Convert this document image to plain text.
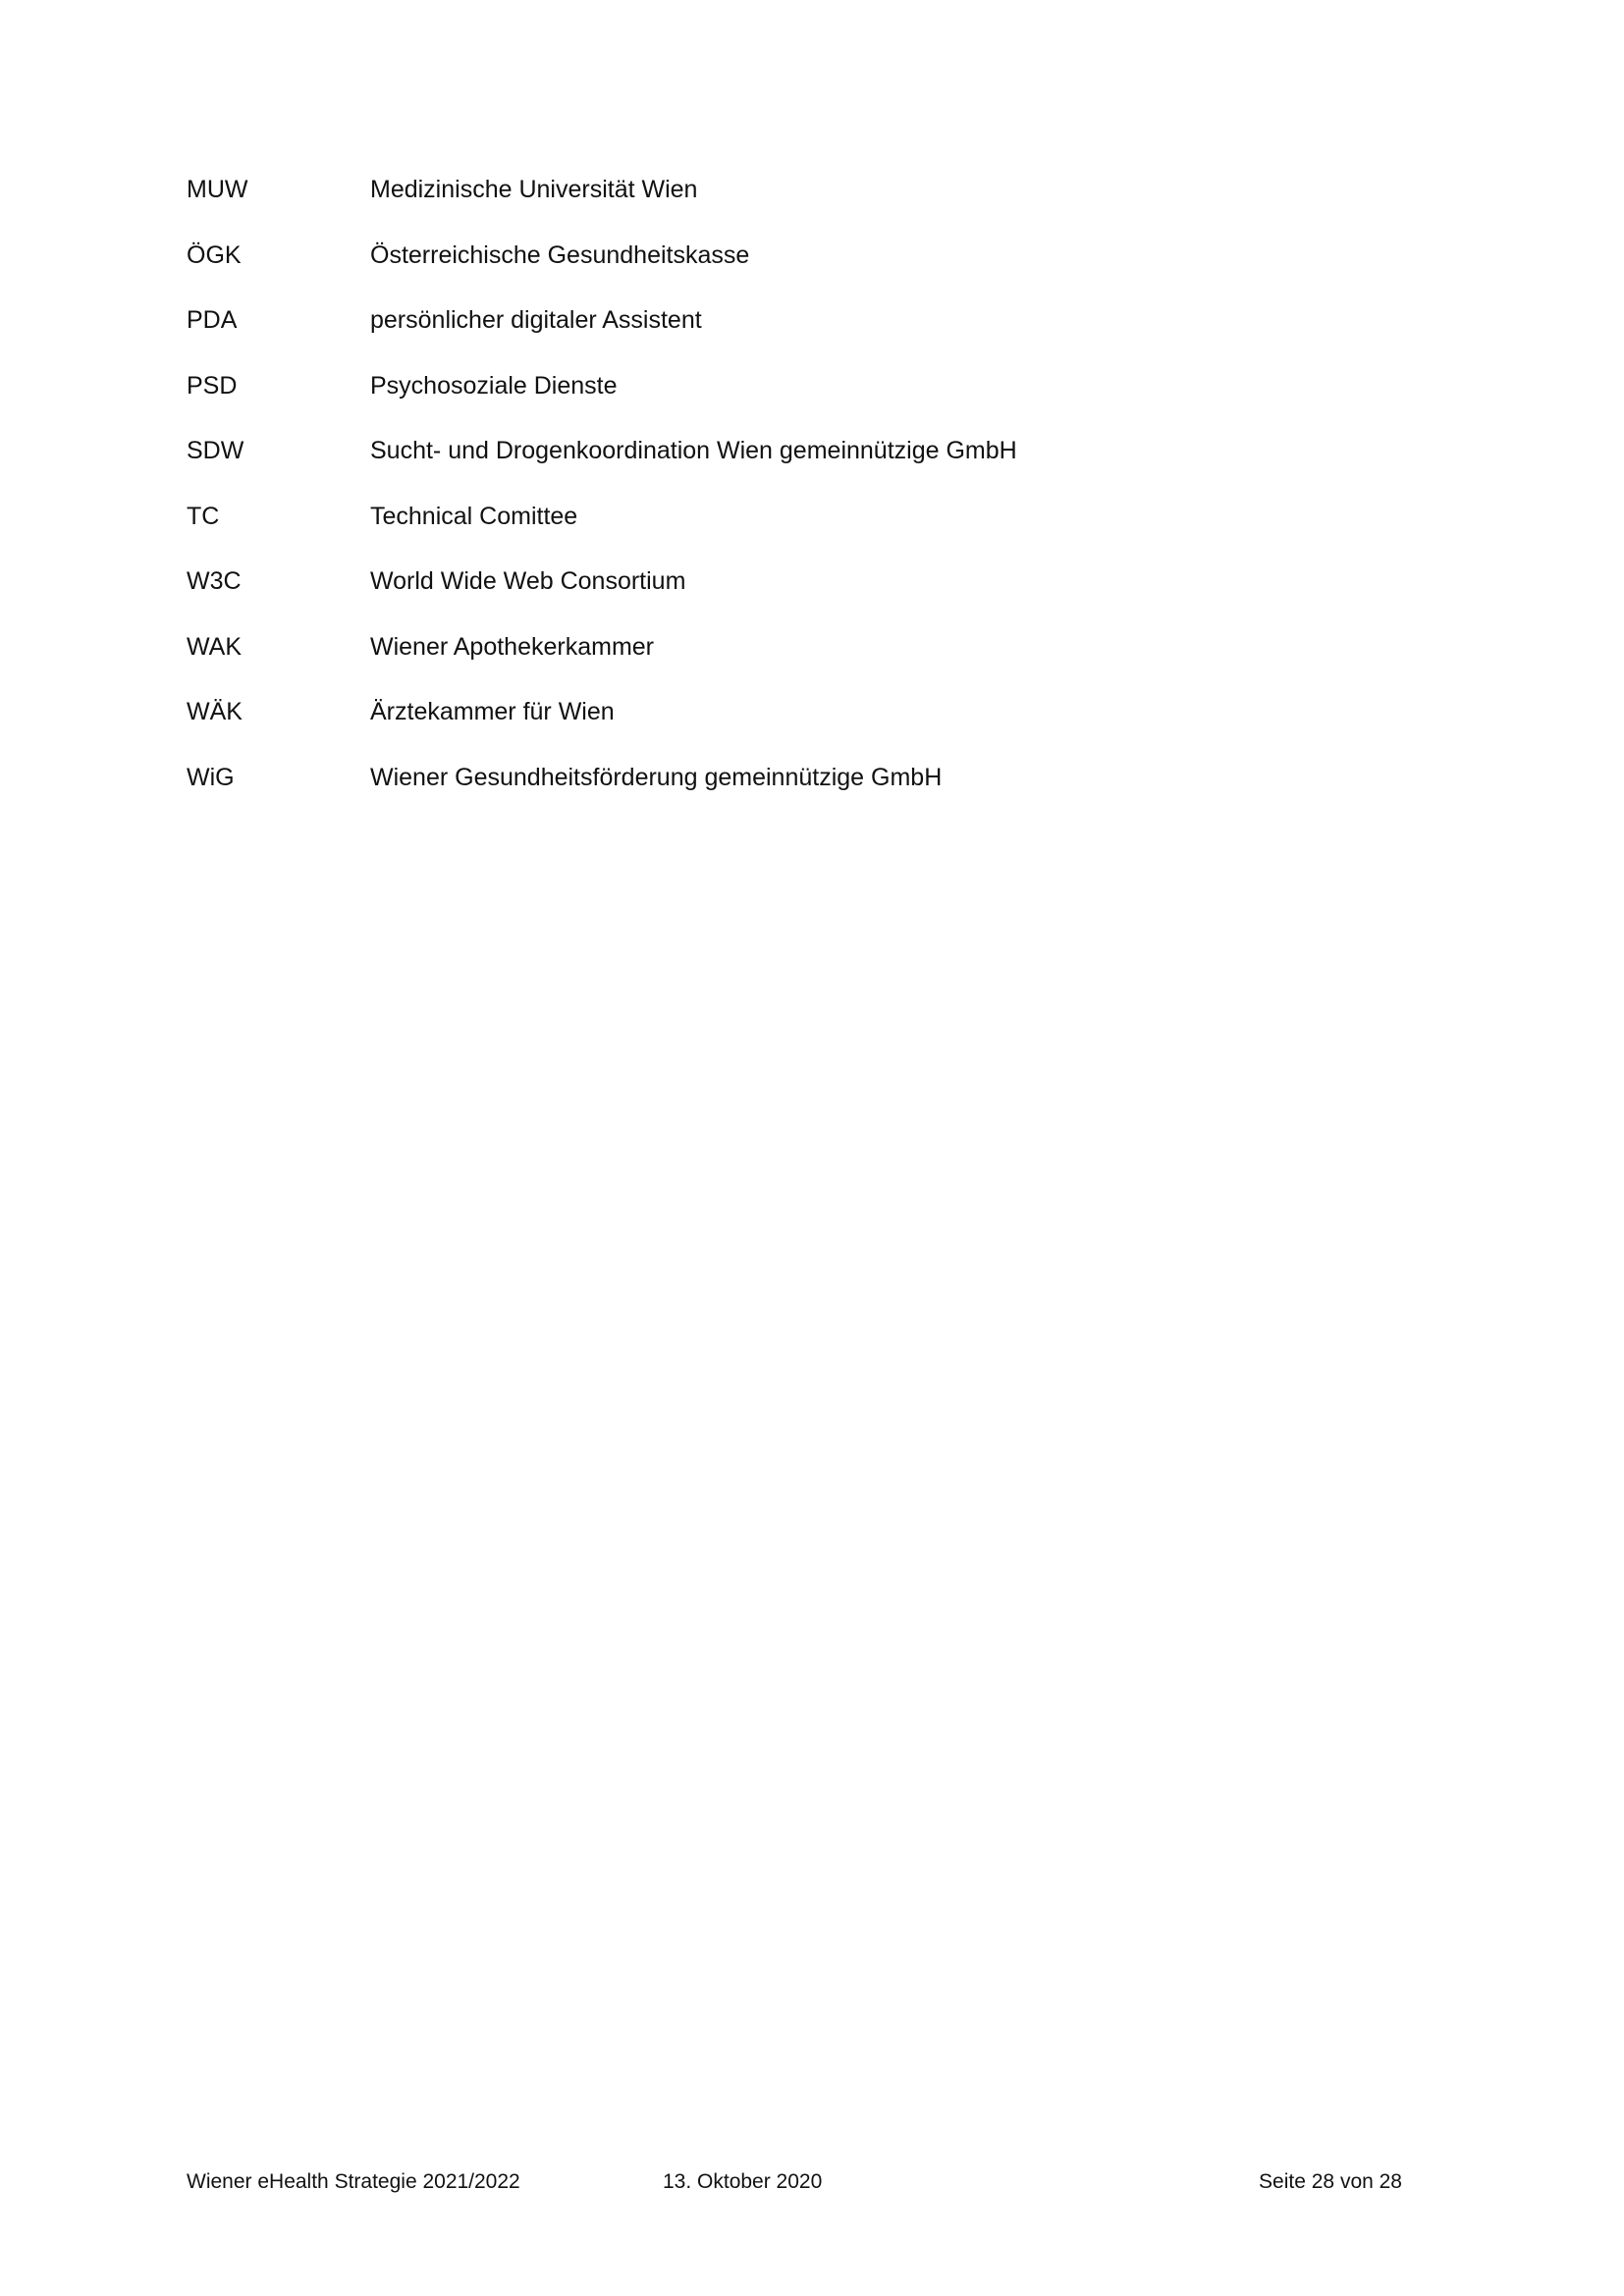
MUW	Medizinische Universität Wien
ÖGK	Österreichische Gesundheitskasse
PDA	persönlicher digitaler Assistent
PSD	Psychosoziale Dienste
SDW	Sucht- und Drogenkoordination Wien gemeinnützige GmbH
TC	Technical Comittee
W3C	World Wide Web Consortium
WAK	Wiener Apothekerkammer
WÄK	Ärztekammer für Wien
WiG	Wiener Gesundheitsförderung gemeinnützige GmbH
Wiener eHealth Strategie 2021/2022	13. Oktober 2020	Seite 28 von 28
